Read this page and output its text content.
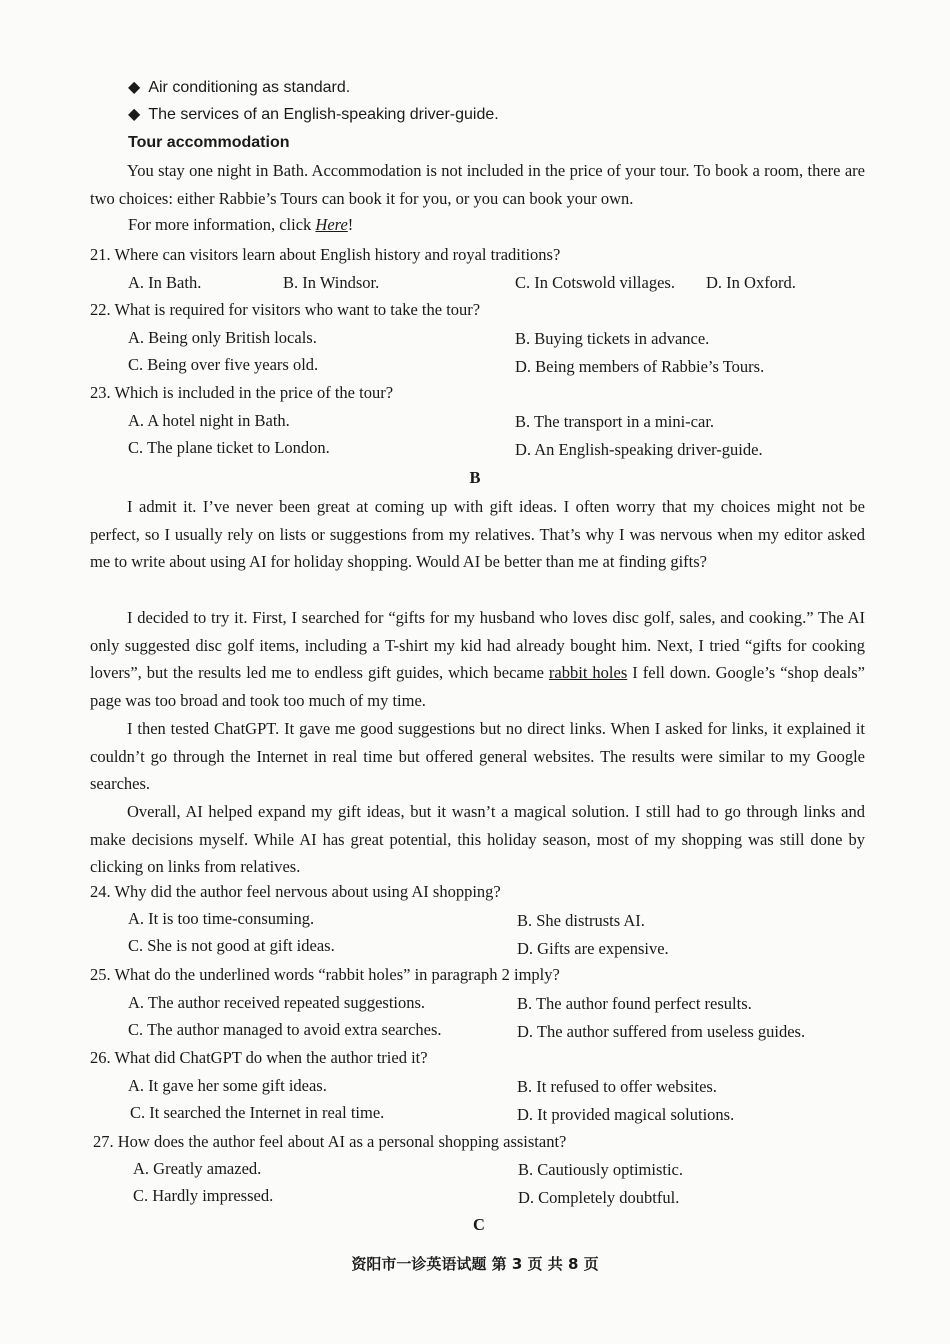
◆ Air conditioning as standard.
◆ The services of an English-speaking driver-guide.
Tour accommodation
You stay one night in Bath. Accommodation is not included in the price of your tour. To book a room, there are two choices: either Rabbie’s Tours can book it for you, or you can book your own.
For more information, click Here!
21. Where can visitors learn about English history and royal traditions?
A. In Bath.	B. In Windsor.	C. In Cotswold villages. D. In Oxford.
22. What is required for visitors who want to take the tour?
A. Being only British locals.	B. Buying tickets in advance.
C. Being over five years old.	D. Being members of Rabbie’s Tours.
23. Which is included in the price of the tour?
A. A hotel night in Bath.	B. The transport in a mini-car.
C. The plane ticket to London.	D. An English-speaking driver-guide.
B
I admit it. I’ve never been great at coming up with gift ideas. I often worry that my choices might not be perfect, so I usually rely on lists or suggestions from my relatives. That’s why I was nervous when my editor asked me to write about using AI for holiday shopping. Would AI be better than me at finding gifts?
I decided to try it. First, I searched for “gifts for my husband who loves disc golf, sales, and cooking.” The AI only suggested disc golf items, including a T-shirt my kid had already bought him. Next, I tried “gifts for cooking lovers”, but the results led me to endless gift guides, which became rabbit holes I fell down. Google’s “shop deals” page was too broad and took too much of my time.
I then tested ChatGPT. It gave me good suggestions but no direct links. When I asked for links, it explained it couldn’t go through the Internet in real time but offered general websites. The results were similar to my Google searches.
Overall, AI helped expand my gift ideas, but it wasn’t a magical solution. I still had to go through links and make decisions myself. While AI has great potential, this holiday season, most of my shopping was still done by clicking on links from relatives.
24. Why did the author feel nervous about using AI shopping?
A. It is too time-consuming.	B. She distrusts AI.
C. She is not good at gift ideas.	D. Gifts are expensive.
25. What do the underlined words “rabbit holes” in paragraph 2 imply?
A. The author received repeated suggestions.	B. The author found perfect results.
C. The author managed to avoid extra searches.	D. The author suffered from useless guides.
26. What did ChatGPT do when the author tried it?
A. It gave her some gift ideas.	B. It refused to offer websites.
C. It searched the Internet in real time.	D. It provided magical solutions.
27. How does the author feel about AI as a personal shopping assistant?
A. Greatly amazed.	B. Cautiously optimistic.
C. Hardly impressed.	D. Completely doubtful.
C
资阳市一诊英语试题 第 3 页 共 8 页
